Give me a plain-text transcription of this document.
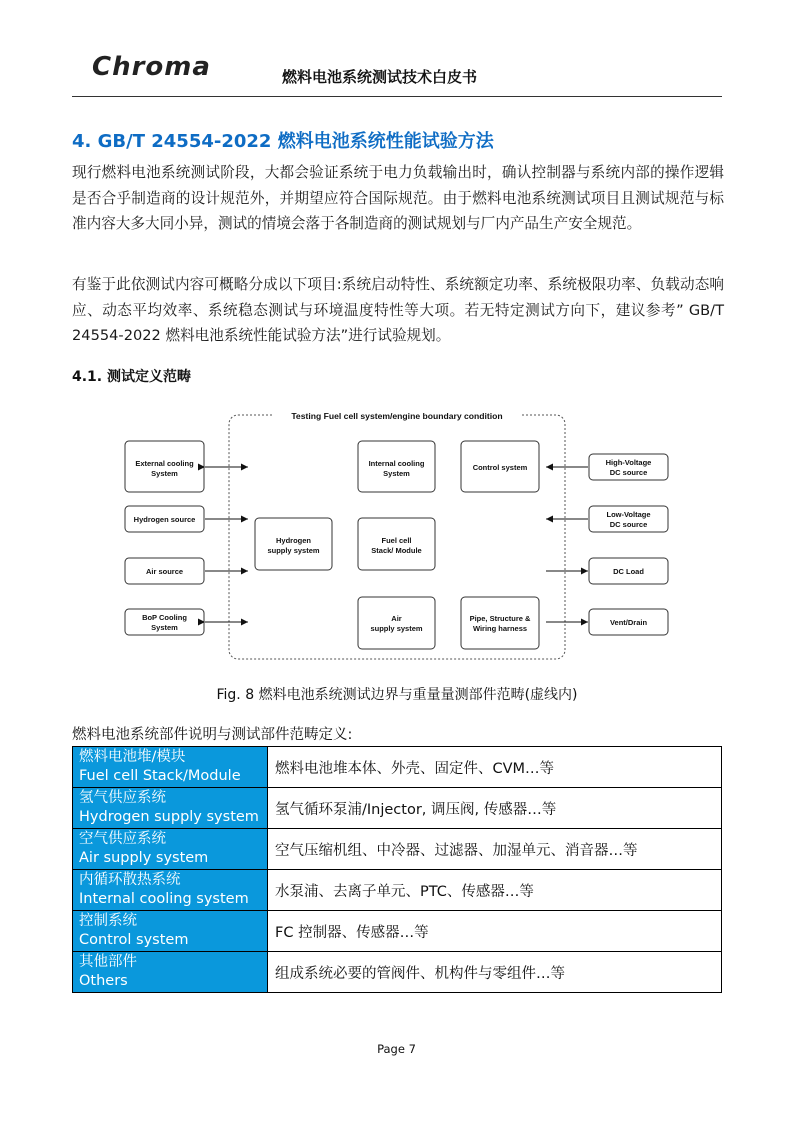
Chroma	燃料电池系统测试技术白皮书
4. GB/T 24554-2022 燃料电池系统性能试验方法
现行燃料电池系统测试阶段，大都会验证系统于电力负载输出时，确认控制器与系统内部的操作逻辑是否合乎制造商的设计规范外，并期望应符合国际规范。由于燃料电池系统测试项目且测试规范与标准内容大多大同小异，测试的情境会落于各制造商的测试规划与厂内产品生产安全规范。
有鉴于此依测试内容可概略分成以下项目:系统启动特性、系统额定功率、系统极限功率、负载动态响应、动态平均效率、系统稳态测试与环境温度特性等大项。若无特定测试方向下，建议参考” GB/T 24554-2022 燃料电池系统性能试验方法”进行试验规划。
4.1. 测试定义范畴
Testing Fuel cell system/engine boundary condition
External cooling
System
Hydrogen source
Air source
BoP Cooling
System
Hydrogen
supply system
Internal cooling
System
Fuel cell
Stack/ Module
Air
supply system
Control system
Pipe, Structure &
Wiring harness
High-Voltage
DC source
Low-Voltage
DC source
DC Load
Vent/Drain
Fig. 8 燃料电池系统测试边界与重量量测部件范畴(虚线内)
燃料电池系统部件说明与测试部件范畴定义:
燃料电池堆/模块
Fuel cell Stack/Module	燃料电池堆本体、外壳、固定件、CVM…等

氢气供应系统
Hydrogen supply system	氢气循环泵浦/Injector, 调压阀, 传感器…等

空气供应系统
Air supply system	空气压缩机组、中冷器、过滤器、加湿单元、消音器…等

内循环散热系统
Internal cooling system	水泵浦、去离子单元、PTC、传感器…等

控制系统
Control system	FC 控制器、传感器…等

其他部件
Others	组成系统必要的管阀件、机构件与零组件…等
Page 7
